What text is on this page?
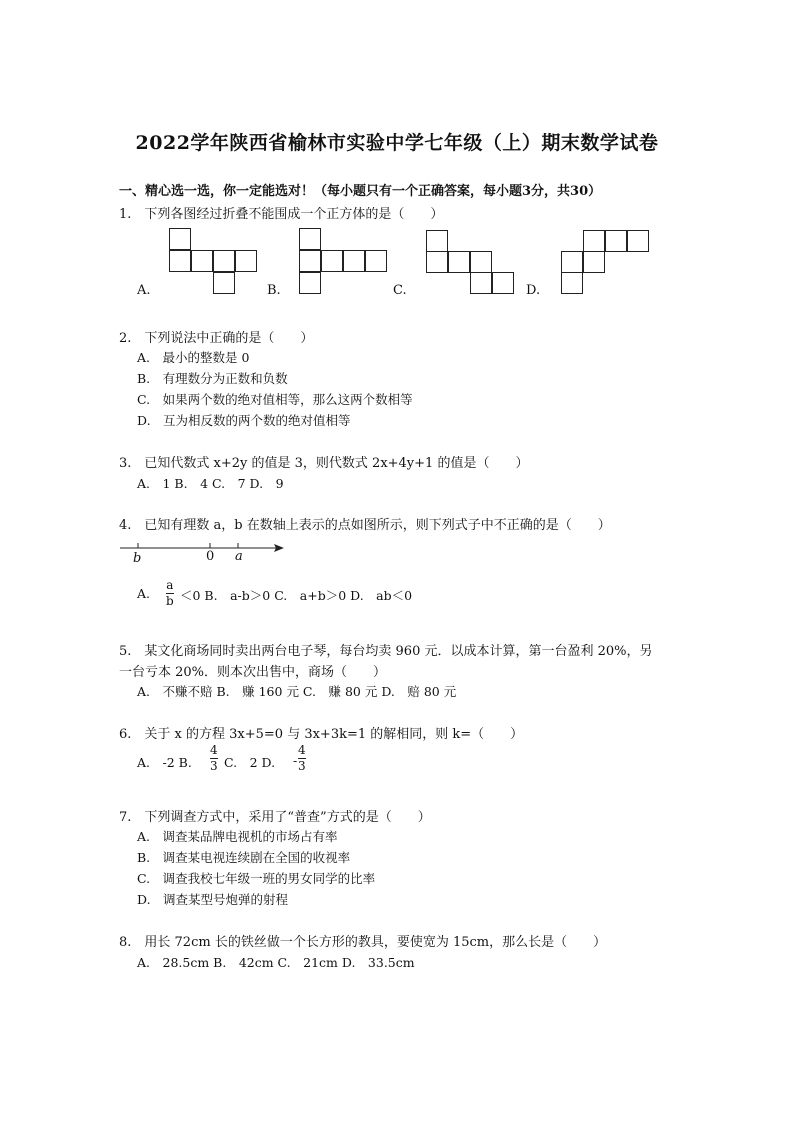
2022学年陕西省榆林市实验中学七年级（上）期末数学试卷
一、精心选一选，你一定能选对！（每小题只有一个正确答案，每小题3分，共30）
1.　下列各图经过折叠不能围成一个正方体的是（　　）
A.	B.	C.	D.
2.　下列说法中正确的是（　　）
A.　最小的整数是 0
B.　有理数分为正数和负数
C.　如果两个数的绝对值相等，那么这两个数相等
D.　互为相反数的两个数的绝对值相等
3.　已知代数式 x+2y 的值是 3，则代数式 2x+4y+1 的值是（　　）
A.　1 B.　4 C.　7 D.　9
4.　已知有理数 a，b 在数轴上表示的点如图所示，则下列式子中不正确的是（　　）
b	0 a
A.
a
b ＜0 B.　a-b＞0 C.　a+b＞0 D.　ab＜0
5.　某文化商场同时卖出两台电子琴，每台均卖 960 元．以成本计算，第一台盈利 20%，另
一台亏本 20%．则本次出售中，商场（　　）
A.　不赚不赔 B.　赚 160 元 C.　赚 80 元 D.　赔 80 元
6.　关于 x 的方程 3x+5=0 与 3x+3k=1 的解相同，则 k=（　　）
A.　-2 B.
4
3 C.　2 D. -
4
3
7.　下列调查方式中，采用了“普查”方式的是（　　）
A.　调查某品牌电视机的市场占有率
B.　调查某电视连续剧在全国的收视率
C.　调查我校七年级一班的男女同学的比率
D.　调查某型号炮弹的射程
8.　用长 72cm 长的铁丝做一个长方形的教具，要使宽为 15cm，那么长是（　　）
A.　28.5cm B.　42cm C.　21cm D.　33.5cm
